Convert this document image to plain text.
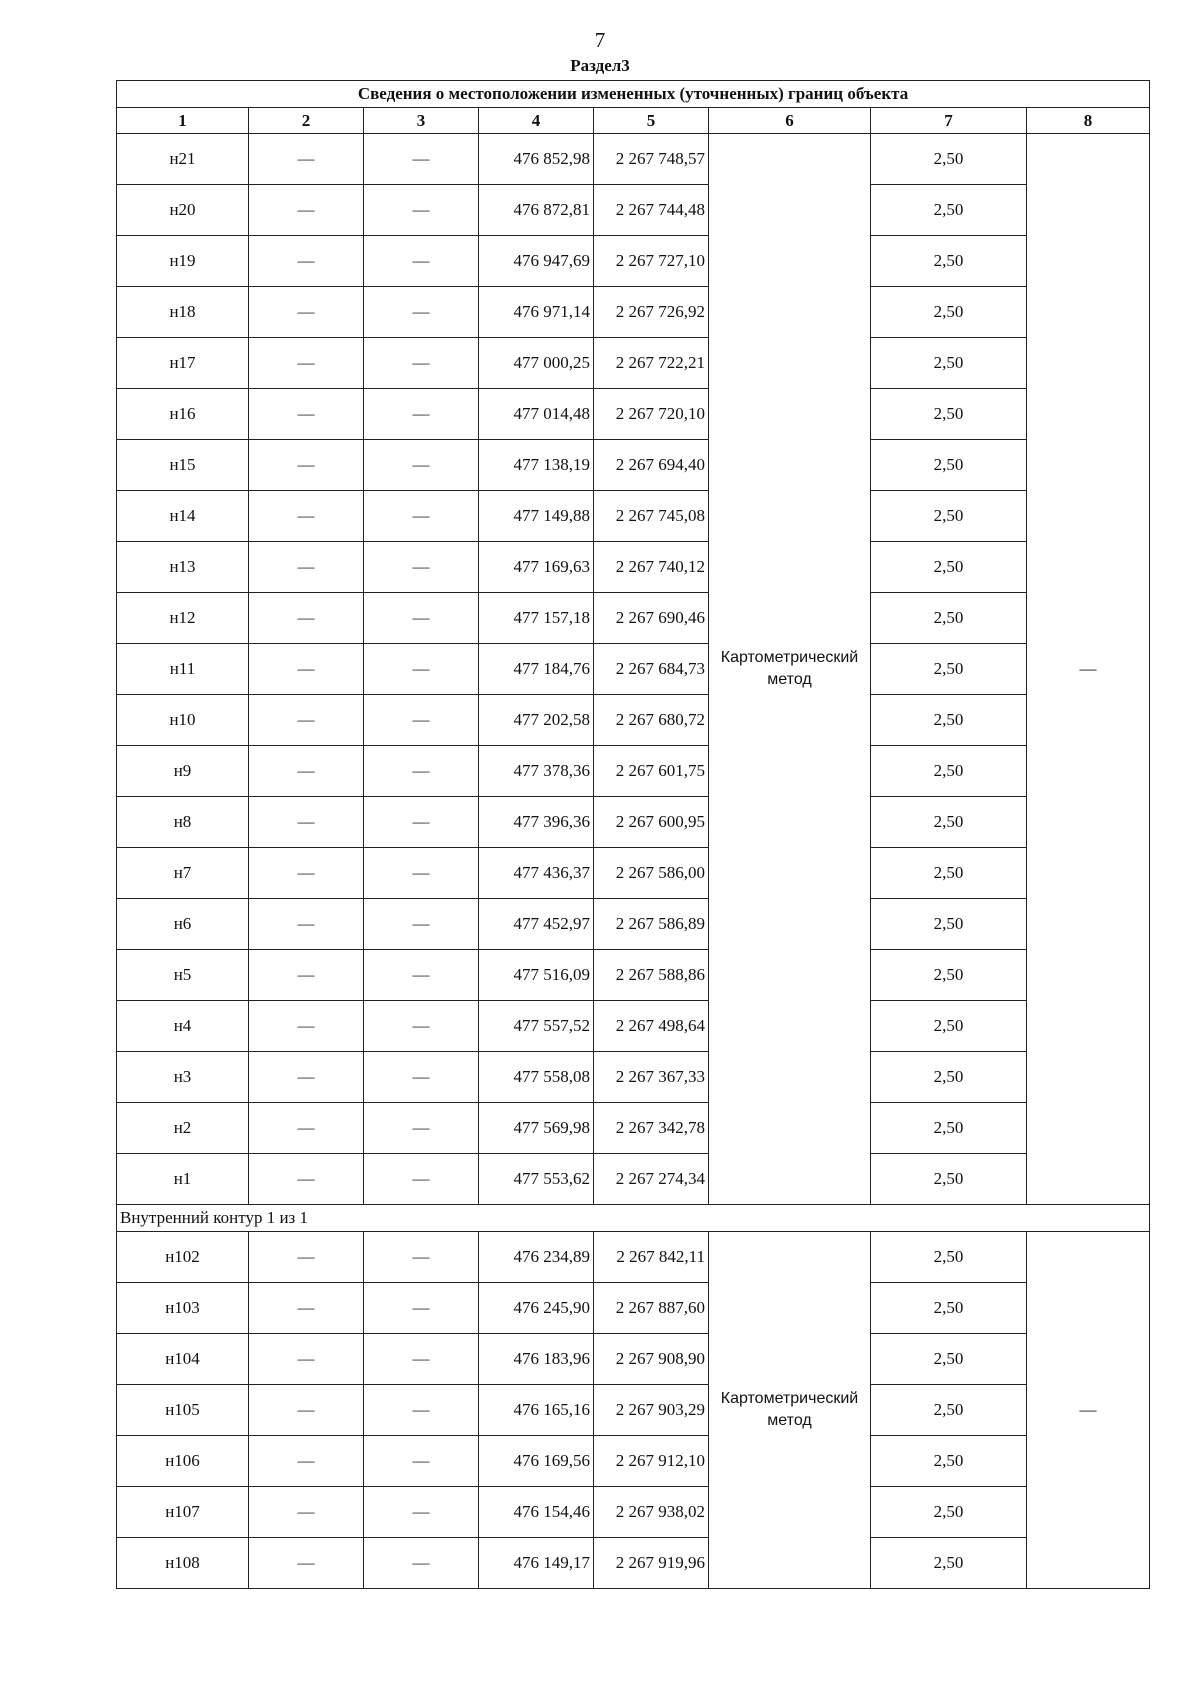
7
Раздел3
Сведения о местоположении измененных (уточненных) границ объекта							
1	2	3	4	5	6	7	8
н21	—	—	476 852,98	2 267 748,57	Картометрический метод	2,50	—
н20	—	—	476 872,81	2 267 744,48		2,50	
н19	—	—	476 947,69	2 267 727,10		2,50	
н18	—	—	476 971,14	2 267 726,92		2,50	
н17	—	—	477 000,25	2 267 722,21		2,50	
н16	—	—	477 014,48	2 267 720,10		2,50	
н15	—	—	477 138,19	2 267 694,40		2,50	
н14	—	—	477 149,88	2 267 745,08		2,50	
н13	—	—	477 169,63	2 267 740,12		2,50	
н12	—	—	477 157,18	2 267 690,46		2,50	
н11	—	—	477 184,76	2 267 684,73		2,50	
н10	—	—	477 202,58	2 267 680,72		2,50	
н9	—	—	477 378,36	2 267 601,75		2,50	
н8	—	—	477 396,36	2 267 600,95		2,50	
н7	—	—	477 436,37	2 267 586,00		2,50	
н6	—	—	477 452,97	2 267 586,89		2,50	
н5	—	—	477 516,09	2 267 588,86		2,50	
н4	—	—	477 557,52	2 267 498,64		2,50	
н3	—	—	477 558,08	2 267 367,33		2,50	
н2	—	—	477 569,98	2 267 342,78		2,50	
н1	—	—	477 553,62	2 267 274,34		2,50	
Внутренний контур 1 из 1							
н102	—	—	476 234,89	2 267 842,11	Картометрический метод	2,50	—
н103	—	—	476 245,90	2 267 887,60		2,50	
н104	—	—	476 183,96	2 267 908,90		2,50	
н105	—	—	476 165,16	2 267 903,29		2,50	
н106	—	—	476 169,56	2 267 912,10		2,50	
н107	—	—	476 154,46	2 267 938,02		2,50	
н108	—	—	476 149,17	2 267 919,96		2,50	
